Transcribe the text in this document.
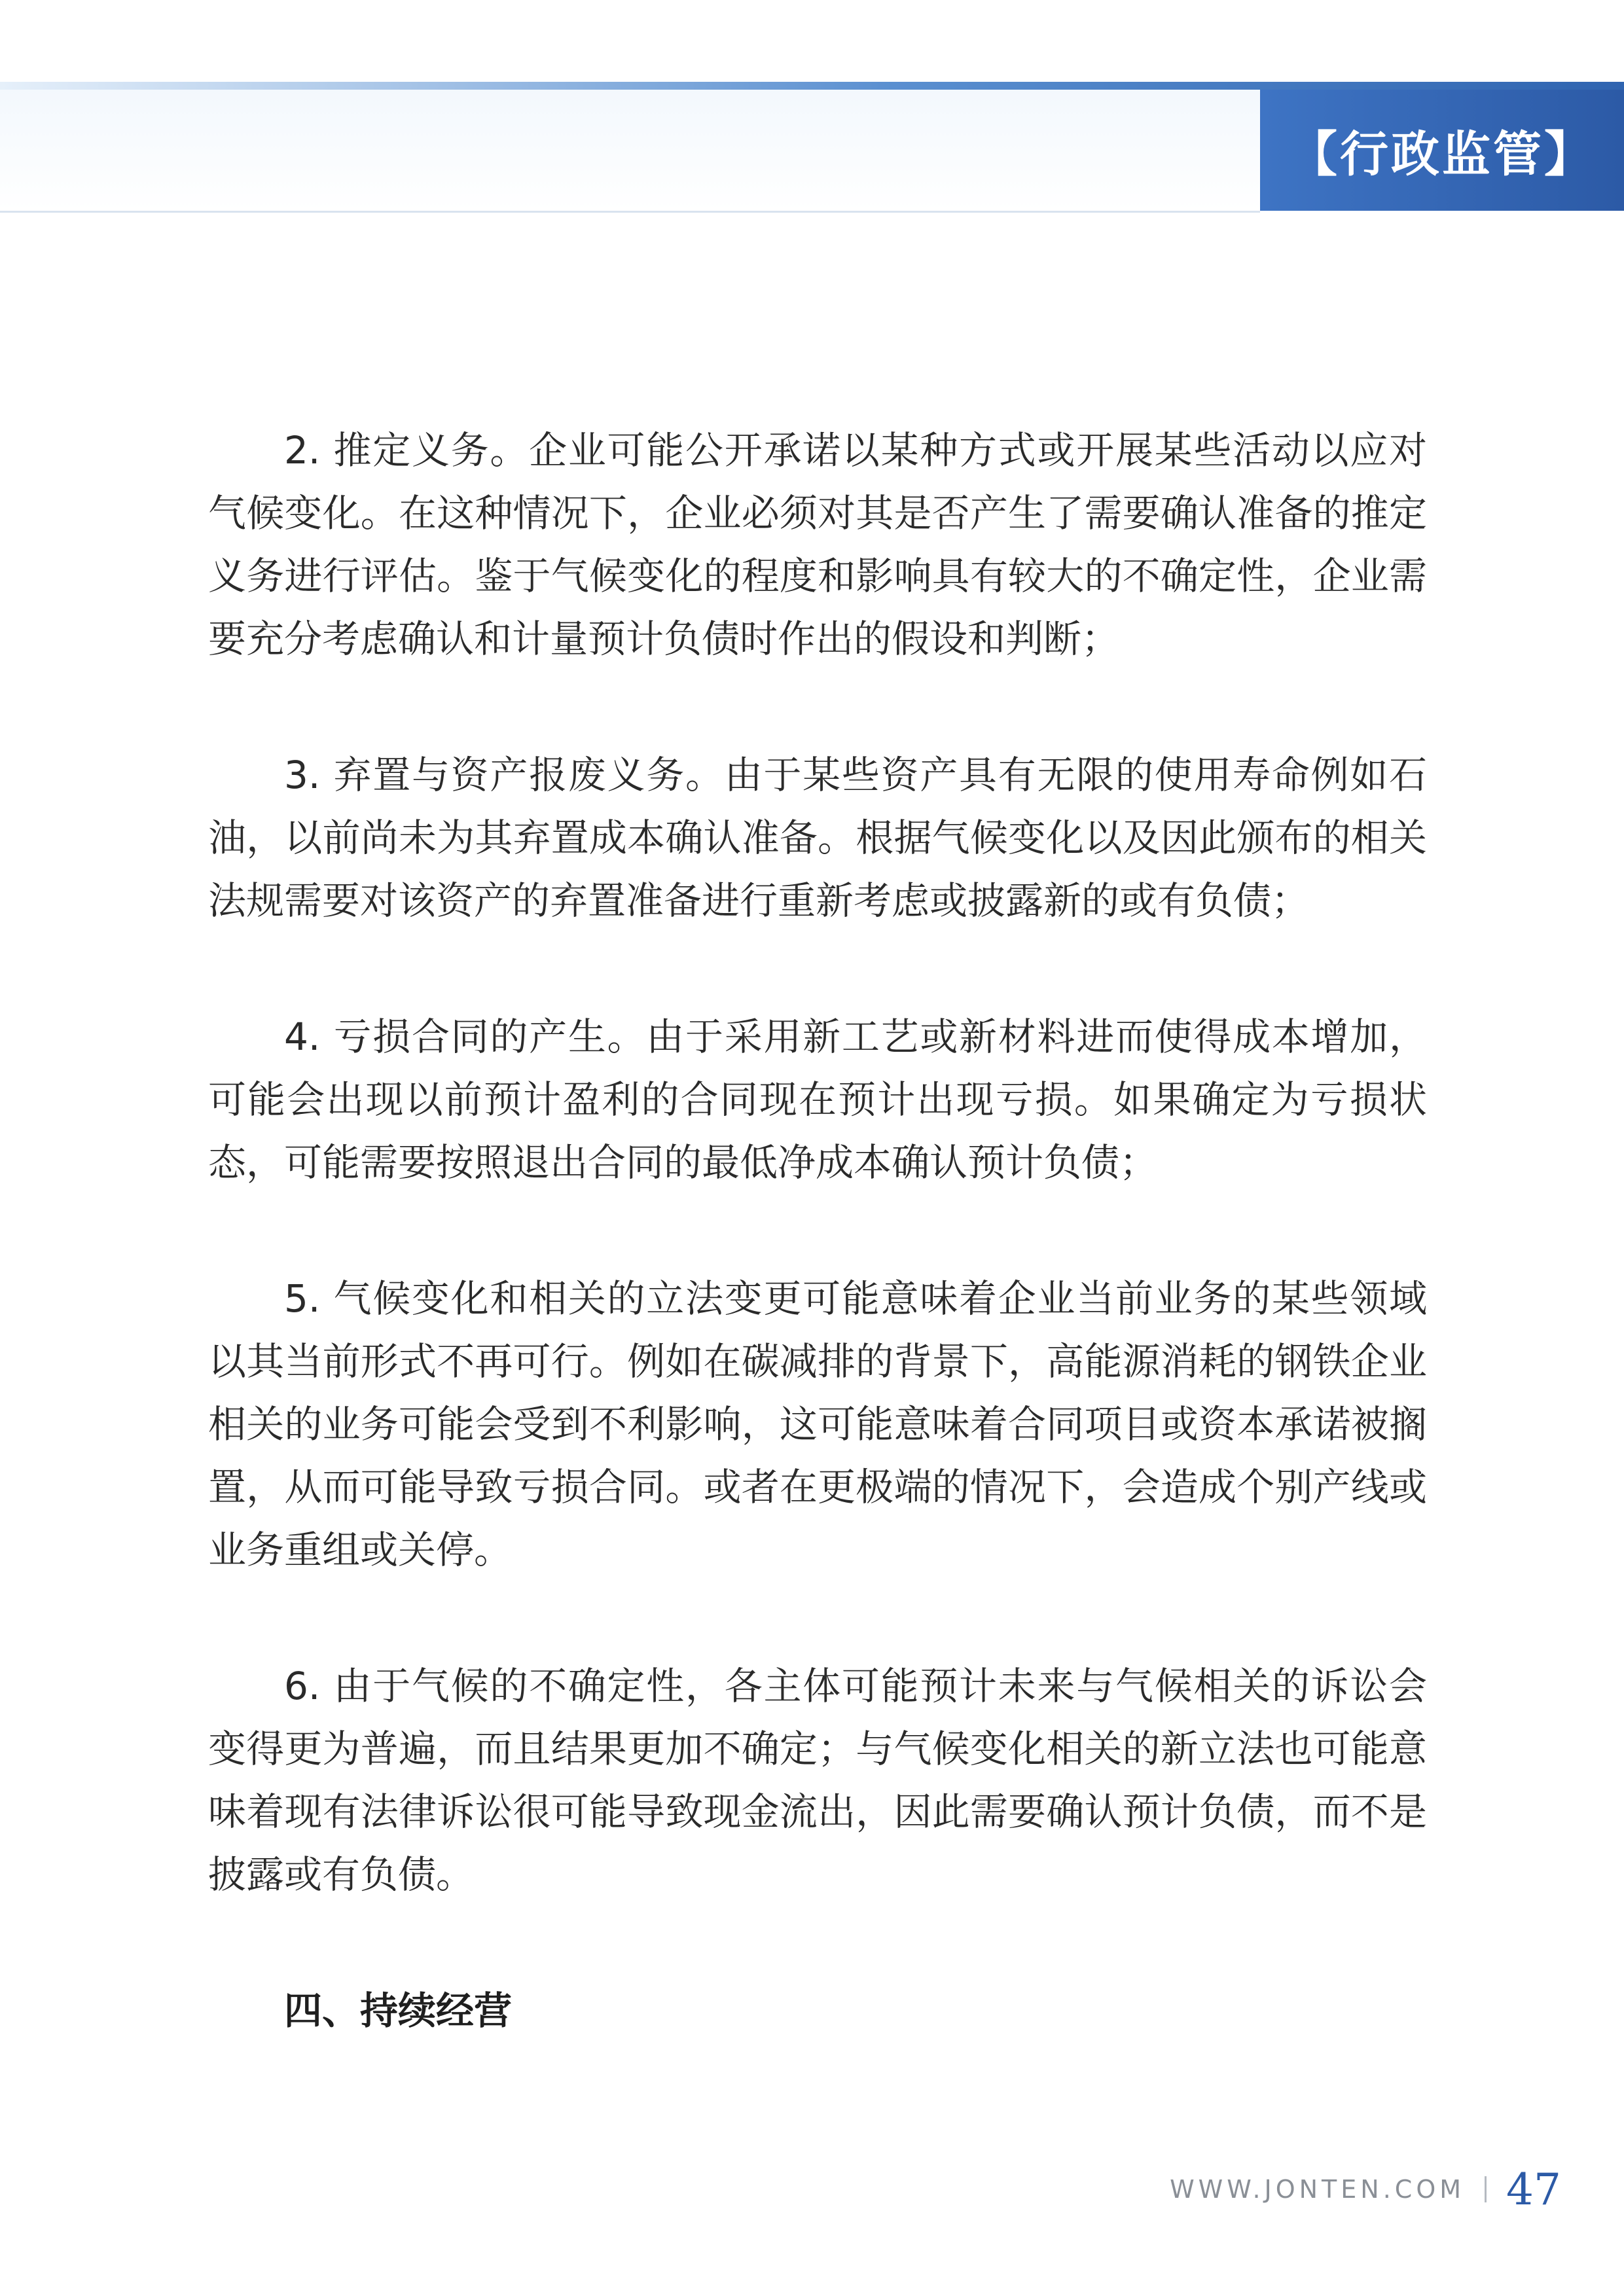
【行政监管】

2. 推定义务。企业可能公开承诺以某种方式或开展某些活动以应对气候变化。在这种情况下，企业必须对其是否产生了需要确认准备的推定义务进行评估。鉴于气候变化的程度和影响具有较大的不确定性，企业需要充分考虑确认和计量预计负债时作出的假设和判断；

3. 弃置与资产报废义务。由于某些资产具有无限的使用寿命例如石油，以前尚未为其弃置成本确认准备。根据气候变化以及因此颁布的相关法规需要对该资产的弃置准备进行重新考虑或披露新的或有负债；

4. 亏损合同的产生。由于采用新工艺或新材料进而使得成本增加，可能会出现以前预计盈利的合同现在预计出现亏损。如果确定为亏损状态，可能需要按照退出合同的最低净成本确认预计负债；

5. 气候变化和相关的立法变更可能意味着企业当前业务的某些领域以其当前形式不再可行。例如在碳减排的背景下，高能源消耗的钢铁企业相关的业务可能会受到不利影响，这可能意味着合同项目或资本承诺被搁置，从而可能导致亏损合同。或者在更极端的情况下，会造成个别产线或业务重组或关停。

6. 由于气候的不确定性，各主体可能预计未来与气候相关的诉讼会变得更为普遍，而且结果更加不确定；与气候变化相关的新立法也可能意味着现有法律诉讼很可能导致现金流出，因此需要确认预计负债，而不是披露或有负债。

四、持续经营
WWW.JONTEN.COM 47
